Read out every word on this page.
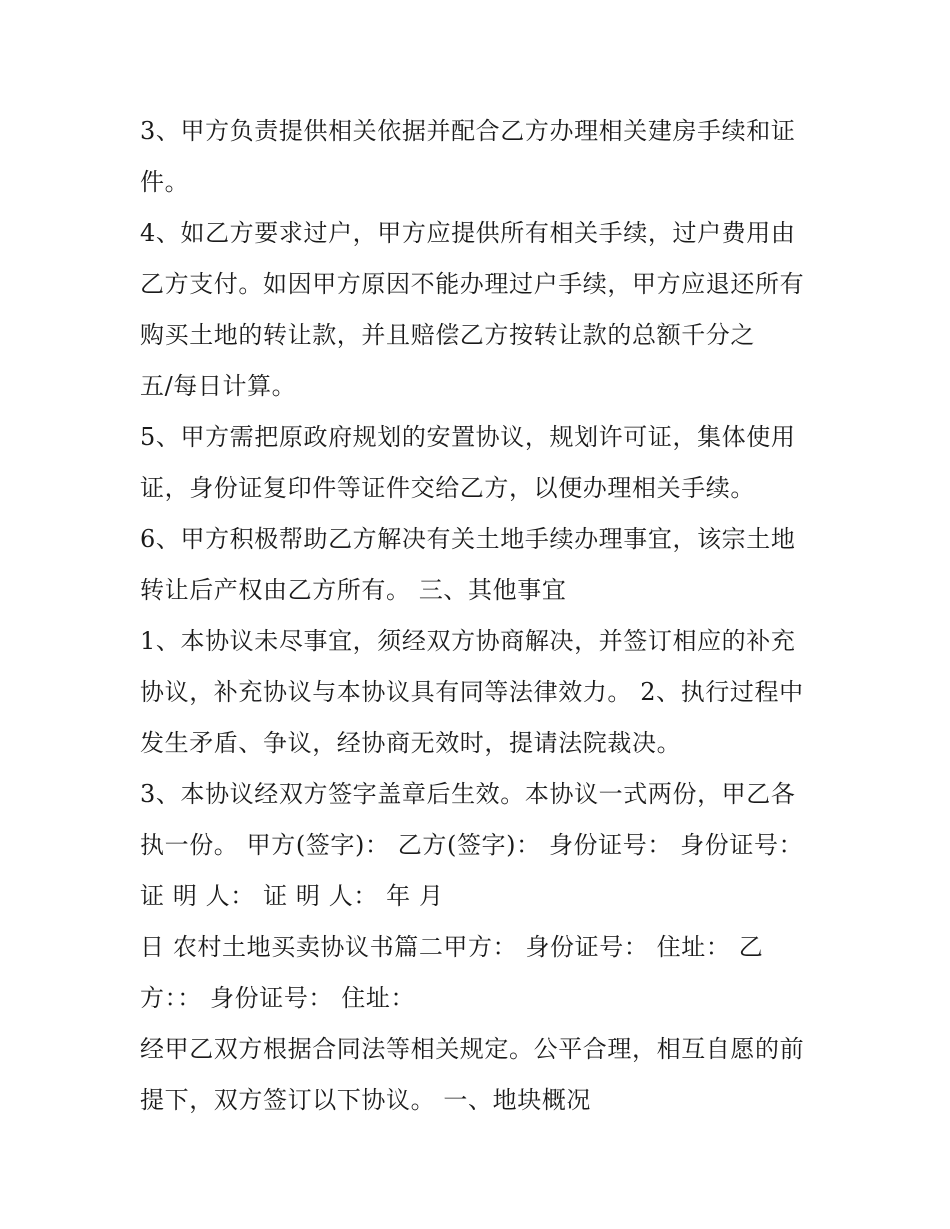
3、甲方负责提供相关依据并配合乙方办理相关建房手续和证
件。
4、如乙方要求过户，甲方应提供所有相关手续，过户费用由
乙方支付。如因甲方原因不能办理过户手续，甲方应退还所有
购买土地的转让款，并且赔偿乙方按转让款的总额千分之
五/每日计算。
5、甲方需把原政府规划的安置协议，规划许可证，集体使用
证，身份证复印件等证件交给乙方，以便办理相关手续。
6、甲方积极帮助乙方解决有关土地手续办理事宜，该宗土地
转让后产权由乙方所有。 三、其他事宜
1、本协议未尽事宜，须经双方协商解决，并签订相应的补充
协议，补充协议与本协议具有同等法律效力。 2、执行过程中
发生矛盾、争议，经协商无效时，提请法院裁决。
3、本协议经双方签字盖章后生效。本协议一式两份，甲乙各
执一份。 甲方(签字)： 乙方(签字)： 身份证号： 身份证号：
证 明 人： 证 明 人： 年 月
日 农村土地买卖协议书篇二甲方： 身份证号： 住址： 乙
方：： 身份证号： 住址：
经甲乙双方根据合同法等相关规定。公平合理，相互自愿的前
提下，双方签订以下协议。 一、地块概况
